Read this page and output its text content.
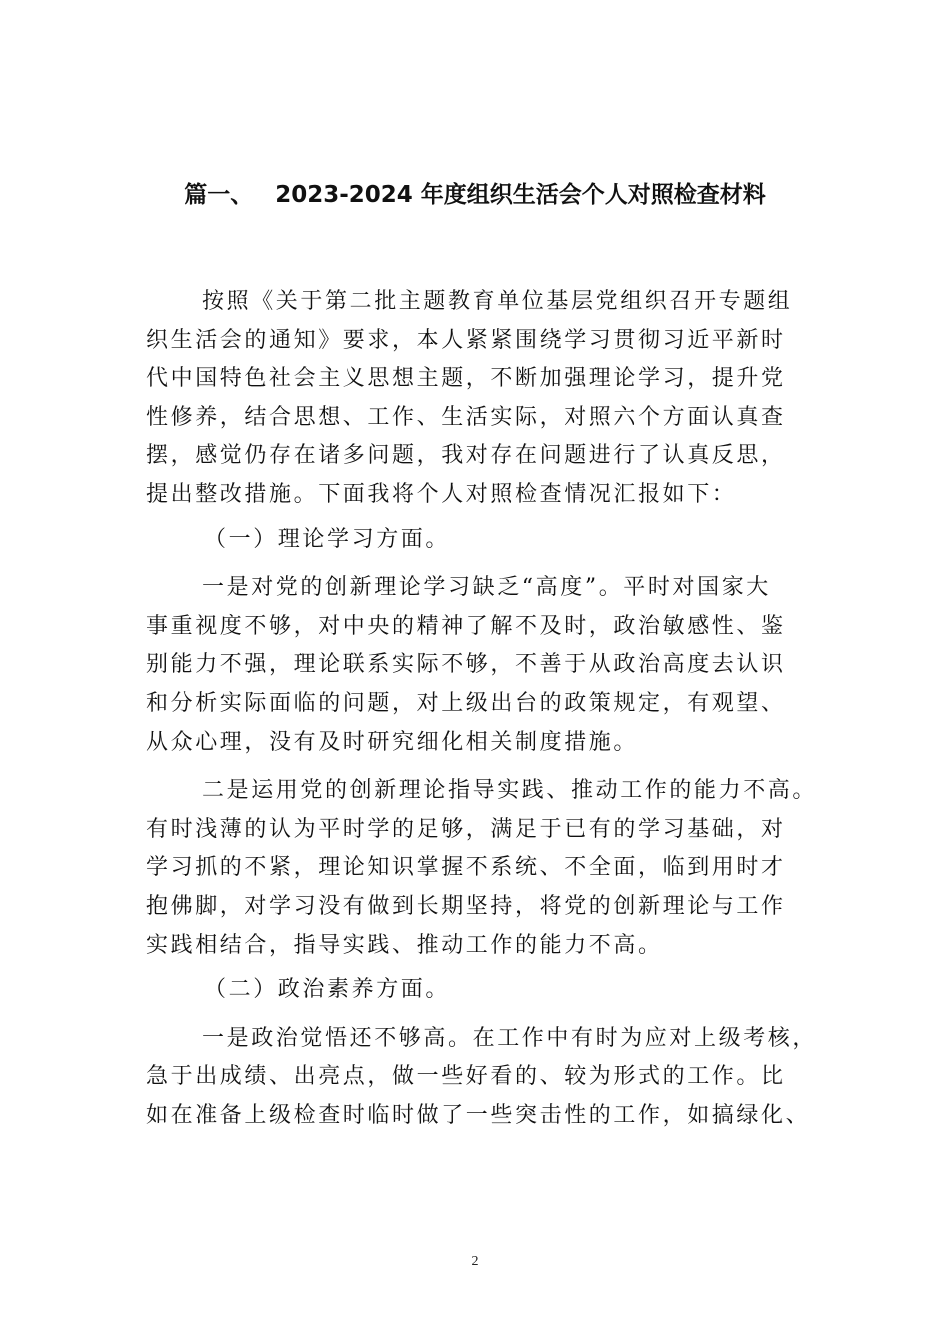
篇一、 2023-2024 年度组织生活会个人对照检查材料

按照《关于第二批主题教育单位基层党组织召开专题组
织生活会的通知》要求，本人紧紧围绕学习贯彻习近平新时
代中国特色社会主义思想主题，不断加强理论学习，提升党
性修养，结合思想、工作、生活实际，对照六个方面认真查
摆，感觉仍存在诸多问题，我对存在问题进行了认真反思，
提出整改措施。下面我将个人对照检查情况汇报如下：

（一）理论学习方面。

一是对党的创新理论学习缺乏“高度”。平时对国家大
事重视度不够，对中央的精神了解不及时，政治敏感性、鉴
别能力不强，理论联系实际不够，不善于从政治高度去认识
和分析实际面临的问题，对上级出台的政策规定，有观望、
从众心理，没有及时研究细化相关制度措施。

二是运用党的创新理论指导实践、推动工作的能力不高。
有时浅薄的认为平时学的足够，满足于已有的学习基础，对
学习抓的不紧，理论知识掌握不系统、不全面，临到用时才
抱佛脚，对学习没有做到长期坚持，将党的创新理论与工作
实践相结合，指导实践、推动工作的能力不高。

（二）政治素养方面。

一是政治觉悟还不够高。在工作中有时为应对上级考核，
急于出成绩、出亮点，做一些好看的、较为形式的工作。比
如在准备上级检查时临时做了一些突击性的工作，如搞绿化、

2
